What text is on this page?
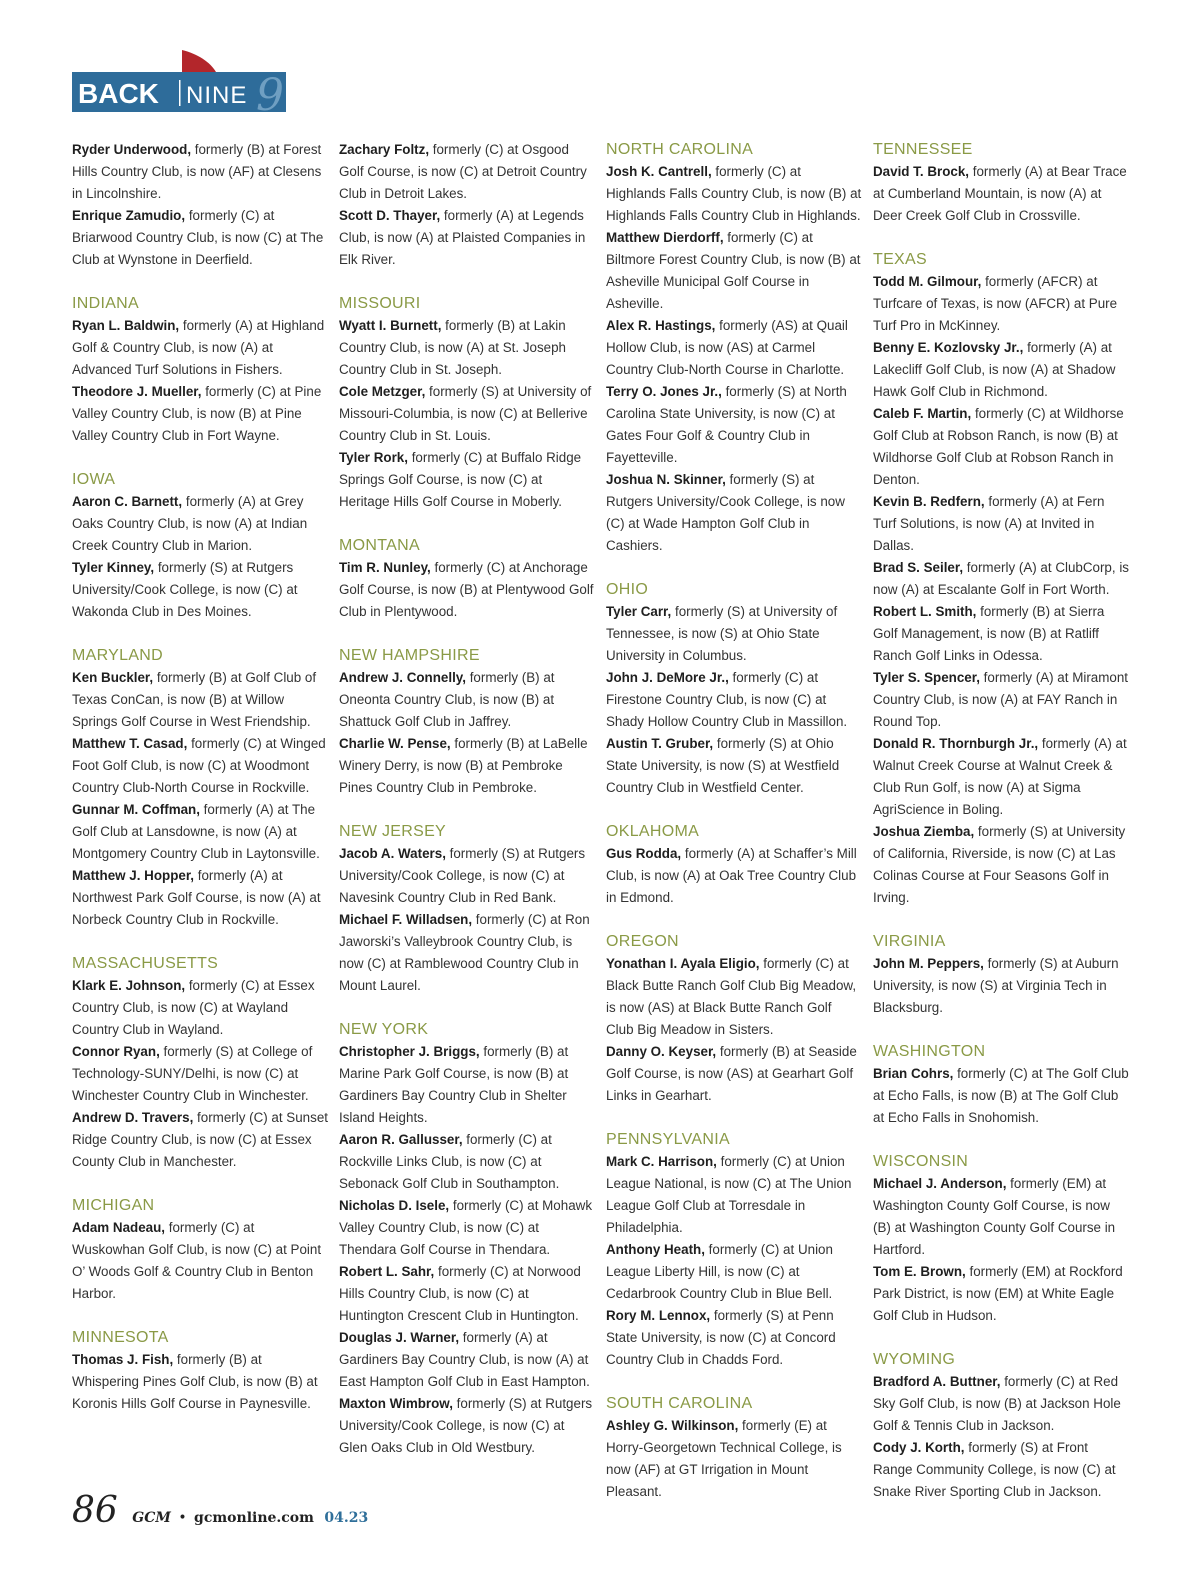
BACK 9
NINE
Ryder Underwood, formerly (B) at Forest Hills Country Club, is now (AF) at Clesens in Lincolnshire.
Enrique Zamudio, formerly (C) at Briarwood Country Club, is now (C) at The Club at Wynstone in Deerfield.
INDIANA
Ryan L. Baldwin, formerly (A) at Highland Golf & Country Club, is now (A) at Advanced Turf Solutions in Fishers.
Theodore J. Mueller, formerly (C) at Pine Valley Country Club, is now (B) at Pine Valley Country Club in Fort Wayne.
IOWA
Aaron C. Barnett, formerly (A) at Grey Oaks Country Club, is now (A) at Indian Creek Country Club in Marion.
Tyler Kinney, formerly (S) at Rutgers University/Cook College, is now (C) at Wakonda Club in Des Moines.
MARYLAND
Ken Buckler, formerly (B) at Golf Club of Texas ConCan, is now (B) at Willow Springs Golf Course in West Friendship.
Matthew T. Casad, formerly (C) at Winged Foot Golf Club, is now (C) at Woodmont Country Club-North Course in Rockville.
Gunnar M. Coffman, formerly (A) at The Golf Club at Lansdowne, is now (A) at Montgomery Country Club in Laytonsville.
Matthew J. Hopper, formerly (A) at Northwest Park Golf Course, is now (A) at Norbeck Country Club in Rockville.
MASSACHUSETTS
Klark E. Johnson, formerly (C) at Essex Country Club, is now (C) at Wayland Country Club in Wayland.
Connor Ryan, formerly (S) at College of Technology-SUNY/Delhi, is now (C) at Winchester Country Club in Winchester.
Andrew D. Travers, formerly (C) at Sunset Ridge Country Club, is now (C) at Essex County Club in Manchester.
MICHIGAN
Adam Nadeau, formerly (C) at Wuskowhan Golf Club, is now (C) at Point O’ Woods Golf & Country Club in Benton Harbor.
MINNESOTA
Thomas J. Fish, formerly (B) at Whispering Pines Golf Club, is now (B) at Koronis Hills Golf Course in Paynesville.
Zachary Foltz, formerly (C) at Osgood Golf Course, is now (C) at Detroit Country Club in Detroit Lakes.
Scott D. Thayer, formerly (A) at Legends Club, is now (A) at Plaisted Companies in Elk River.
MISSOURI
Wyatt I. Burnett, formerly (B) at Lakin Country Club, is now (A) at St. Joseph Country Club in St. Joseph.
Cole Metzger, formerly (S) at University of Missouri-Columbia, is now (C) at Bellerive Country Club in St. Louis.
Tyler Rork, formerly (C) at Buffalo Ridge Springs Golf Course, is now (C) at Heritage Hills Golf Course in Moberly.
MONTANA
Tim R. Nunley, formerly (C) at Anchorage Golf Course, is now (B) at Plentywood Golf Club in Plentywood.
NEW HAMPSHIRE
Andrew J. Connelly, formerly (B) at Oneonta Country Club, is now (B) at Shattuck Golf Club in Jaffrey.
Charlie W. Pense, formerly (B) at LaBelle Winery Derry, is now (B) at Pembroke Pines Country Club in Pembroke.
NEW JERSEY
Jacob A. Waters, formerly (S) at Rutgers University/Cook College, is now (C) at Navesink Country Club in Red Bank.
Michael F. Willadsen, formerly (C) at Ron Jaworski’s Valleybrook Country Club, is now (C) at Ramblewood Country Club in Mount Laurel.
NEW YORK
Christopher J. Briggs, formerly (B) at Marine Park Golf Course, is now (B) at Gardiners Bay Country Club in Shelter Island Heights.
Aaron R. Gallusser, formerly (C) at Rockville Links Club, is now (C) at Sebonack Golf Club in Southampton.
Nicholas D. Isele, formerly (C) at Mohawk Valley Country Club, is now (C) at Thendara Golf Course in Thendara.
Robert L. Sahr, formerly (C) at Norwood Hills Country Club, is now (C) at Huntington Crescent Club in Huntington.
Douglas J. Warner, formerly (A) at Gardiners Bay Country Club, is now (A) at East Hampton Golf Club in East Hampton.
Maxton Wimbrow, formerly (S) at Rutgers University/Cook College, is now (C) at Glen Oaks Club in Old Westbury.
NORTH CAROLINA
Josh K. Cantrell, formerly (C) at Highlands Falls Country Club, is now (B) at Highlands Falls Country Club in Highlands.
Matthew Dierdorff, formerly (C) at Biltmore Forest Country Club, is now (B) at Asheville Municipal Golf Course in Asheville.
Alex R. Hastings, formerly (AS) at Quail Hollow Club, is now (AS) at Carmel Country Club-North Course in Charlotte.
Terry O. Jones Jr., formerly (S) at North Carolina State University, is now (C) at Gates Four Golf & Country Club in Fayetteville.
Joshua N. Skinner, formerly (S) at Rutgers University/Cook College, is now (C) at Wade Hampton Golf Club in Cashiers.
OHIO
Tyler Carr, formerly (S) at University of Tennessee, is now (S) at Ohio State University in Columbus.
John J. DeMore Jr., formerly (C) at Firestone Country Club, is now (C) at Shady Hollow Country Club in Massillon.
Austin T. Gruber, formerly (S) at Ohio State University, is now (S) at Westfield Country Club in Westfield Center.
OKLAHOMA
Gus Rodda, formerly (A) at Schaffer’s Mill Club, is now (A) at Oak Tree Country Club in Edmond.
OREGON
Yonathan I. Ayala Eligio, formerly (C) at Black Butte Ranch Golf Club Big Meadow, is now (AS) at Black Butte Ranch Golf Club Big Meadow in Sisters.
Danny O. Keyser, formerly (B) at Seaside Golf Course, is now (AS) at Gearhart Golf Links in Gearhart.
PENNSYLVANIA
Mark C. Harrison, formerly (C) at Union League National, is now (C) at The Union League Golf Club at Torresdale in Philadelphia.
Anthony Heath, formerly (C) at Union League Liberty Hill, is now (C) at Cedarbrook Country Club in Blue Bell.
Rory M. Lennox, formerly (S) at Penn State University, is now (C) at Concord Country Club in Chadds Ford.
SOUTH CAROLINA
Ashley G. Wilkinson, formerly (E) at Horry-Georgetown Technical College, is now (AF) at GT Irrigation in Mount Pleasant.
TENNESSEE
David T. Brock, formerly (A) at Bear Trace at Cumberland Mountain, is now (A) at Deer Creek Golf Club in Crossville.
TEXAS
Todd M. Gilmour, formerly (AFCR) at Turfcare of Texas, is now (AFCR) at Pure Turf Pro in McKinney.
Benny E. Kozlovsky Jr., formerly (A) at Lakecliff Golf Club, is now (A) at Shadow Hawk Golf Club in Richmond.
Caleb F. Martin, formerly (C) at Wildhorse Golf Club at Robson Ranch, is now (B) at Wildhorse Golf Club at Robson Ranch in Denton.
Kevin B. Redfern, formerly (A) at Fern Turf Solutions, is now (A) at Invited in Dallas.
Brad S. Seiler, formerly (A) at ClubCorp, is now (A) at Escalante Golf in Fort Worth.
Robert L. Smith, formerly (B) at Sierra Golf Management, is now (B) at Ratliff Ranch Golf Links in Odessa.
Tyler S. Spencer, formerly (A) at Miramont Country Club, is now (A) at FAY Ranch in Round Top.
Donald R. Thornburgh Jr., formerly (A) at Walnut Creek Course at Walnut Creek & Club Run Golf, is now (A) at Sigma AgriScience in Boling.
Joshua Ziemba, formerly (S) at University of California, Riverside, is now (C) at Las Colinas Course at Four Seasons Golf in Irving.
VIRGINIA
John M. Peppers, formerly (S) at Auburn University, is now (S) at Virginia Tech in Blacksburg.
WASHINGTON
Brian Cohrs, formerly (C) at The Golf Club at Echo Falls, is now (B) at The Golf Club at Echo Falls in Snohomish.
WISCONSIN
Michael J. Anderson, formerly (EM) at Washington County Golf Course, is now (B) at Washington County Golf Course in Hartford.
Tom E. Brown, formerly (EM) at Rockford Park District, is now (EM) at White Eagle Golf Club in Hudson.
WYOMING
Bradford A. Buttner, formerly (C) at Red Sky Golf Club, is now (B) at Jackson Hole Golf & Tennis Club in Jackson.
Cody J. Korth, formerly (S) at Front Range Community College, is now (C) at Snake River Sporting Club in Jackson.
86 GCM • gcmonline.com 04.23
